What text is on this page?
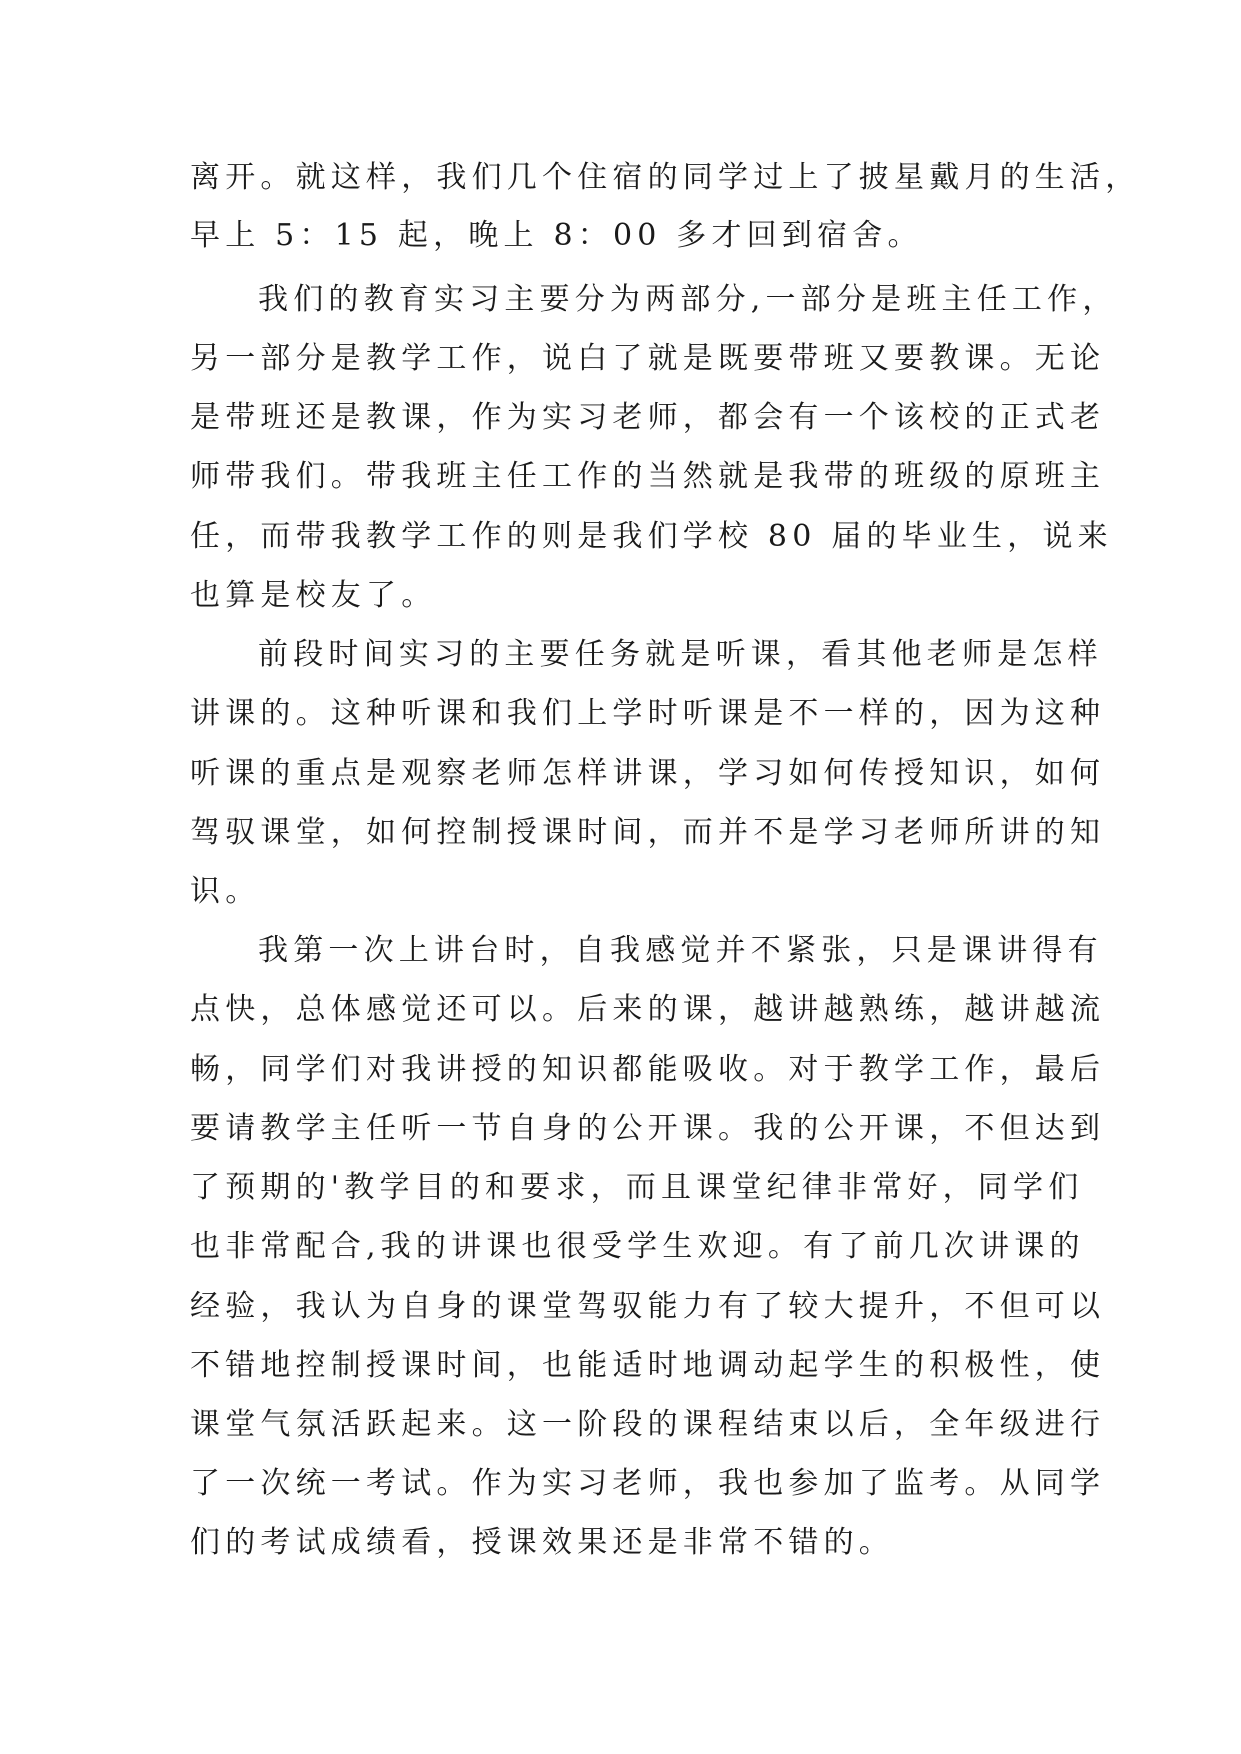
离开。就这样，我们几个住宿的同学过上了披星戴月的生活，
早上 5：15 起，晚上 8：00 多才回到宿舍。
我们的教育实习主要分为两部分,一部分是班主任工作，
另一部分是教学工作，说白了就是既要带班又要教课。无论
是带班还是教课，作为实习老师，都会有一个该校的正式老
师带我们。带我班主任工作的当然就是我带的班级的原班主
任，而带我教学工作的则是我们学校 80 届的毕业生，说来
也算是校友了。
前段时间实习的主要任务就是听课，看其他老师是怎样
讲课的。这种听课和我们上学时听课是不一样的，因为这种
听课的重点是观察老师怎样讲课，学习如何传授知识，如何
驾驭课堂，如何控制授课时间，而并不是学习老师所讲的知
识。
我第一次上讲台时，自我感觉并不紧张，只是课讲得有
点快，总体感觉还可以。后来的课，越讲越熟练，越讲越流
畅，同学们对我讲授的知识都能吸收。对于教学工作，最后
要请教学主任听一节自身的公开课。我的公开课，不但达到
了预期的'教学目的和要求，而且课堂纪律非常好，同学们
也非常配合,我的讲课也很受学生欢迎。有了前几次讲课的
经验，我认为自身的课堂驾驭能力有了较大提升，不但可以
不错地控制授课时间，也能适时地调动起学生的积极性，使
课堂气氛活跃起来。这一阶段的课程结束以后，全年级进行
了一次统一考试。作为实习老师，我也参加了监考。从同学
们的考试成绩看，授课效果还是非常不错的。
